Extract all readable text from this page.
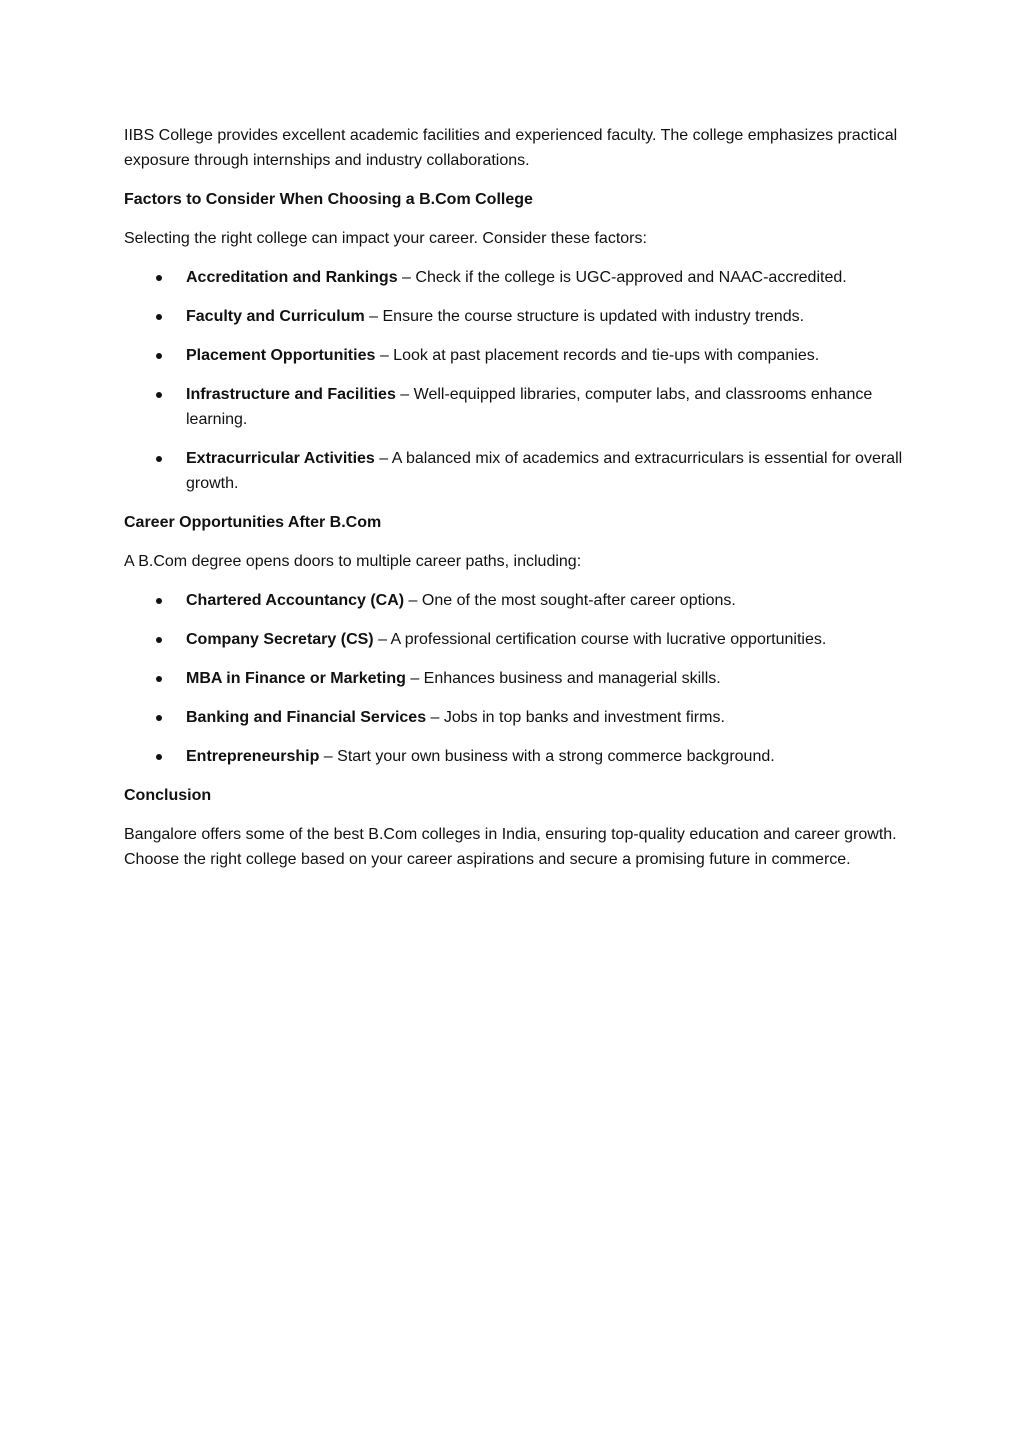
IIBS College provides excellent academic facilities and experienced faculty. The college emphasizes practical exposure through internships and industry collaborations.

Factors to Consider When Choosing a B.Com College

Selecting the right college can impact your career. Consider these factors:

Accreditation and Rankings – Check if the college is UGC-approved and NAAC-accredited.
Faculty and Curriculum – Ensure the course structure is updated with industry trends.
Placement Opportunities – Look at past placement records and tie-ups with companies.
Infrastructure and Facilities – Well-equipped libraries, computer labs, and classrooms enhance learning.
Extracurricular Activities – A balanced mix of academics and extracurriculars is essential for overall growth.

Career Opportunities After B.Com

A B.Com degree opens doors to multiple career paths, including:

Chartered Accountancy (CA) – One of the most sought-after career options.
Company Secretary (CS) – A professional certification course with lucrative opportunities.
MBA in Finance or Marketing – Enhances business and managerial skills.
Banking and Financial Services – Jobs in top banks and investment firms.
Entrepreneurship – Start your own business with a strong commerce background.

Conclusion

Bangalore offers some of the best B.Com colleges in India, ensuring top-quality education and career growth. Choose the right college based on your career aspirations and secure a promising future in commerce.
